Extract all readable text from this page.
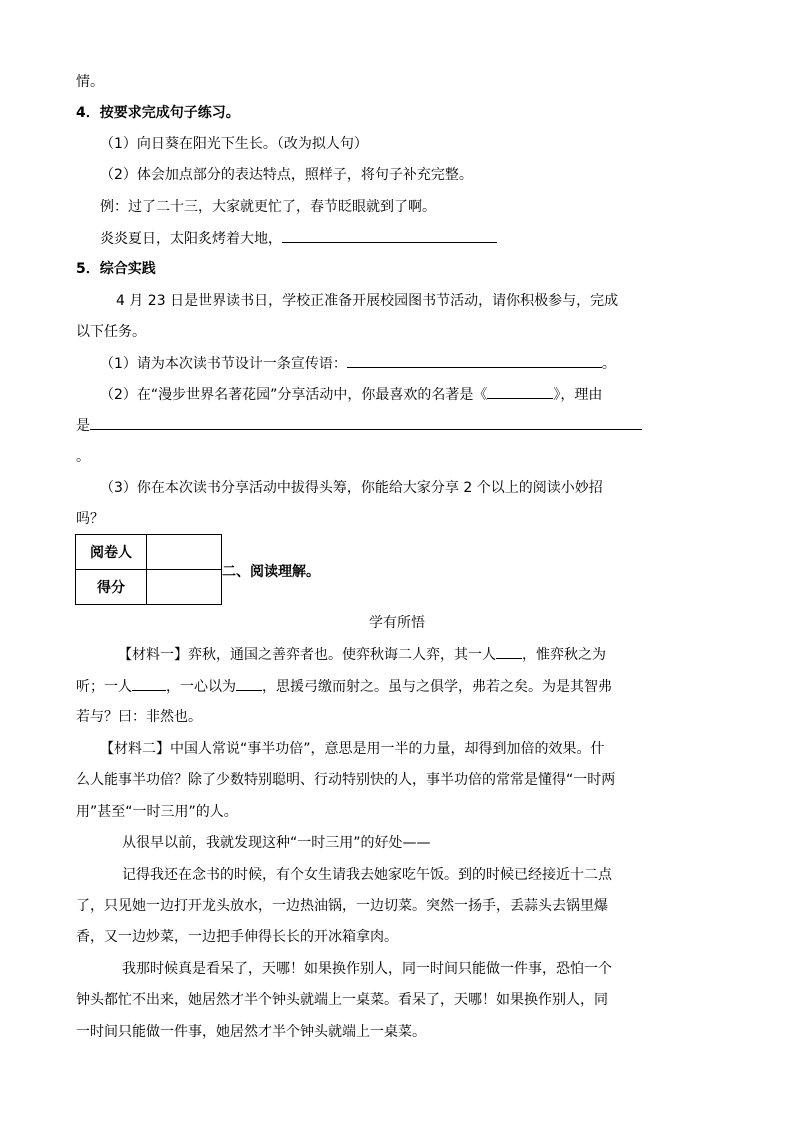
情。
4．按要求完成句子练习。
（1）向日葵在阳光下生长。（改为拟人句）
（2）体会加点部分的表达特点，照样子，将句子补充完整。
例：过了二十三，大家就更忙了，春节眨眼就到了啊。
炎炎夏日，太阳炙烤着大地，
5．综合实践
4 月 23 日是世界读书日，学校正准备开展校园图书节活动，请你积极参与，完成
以下任务。
（1）请为本次读书节设计一条宣传语：	。
（2）在“漫步世界名著花园”分享活动中，你最喜欢的名著是《	》，理由
是
。
（3）你在本次读书分享活动中拔得头筹，你能给大家分享 2 个以上的阅读小妙招
吗？
阅卷人	
得分	
二、阅读理解。
学有所悟
【材料一】弈秋，通国之善弈者也。使弈秋诲二人弈，其一人 ，惟弈秋之为
听；一人 ，一心以为 ，思援弓缴而射之。虽与之俱学，弗若之矣。为是其智弗
若与？曰：非然也。
【材料二】中国人常说“事半功倍”，意思是用一半的力量，却得到加倍的效果。什
么人能事半功倍？除了少数特别聪明、行动特别快的人，事半功倍的常常是懂得“一时两
用”甚至“一时三用”的人。
从很早以前，我就发现这种“一时三用”的好处——
记得我还在念书的时候，有个女生请我去她家吃午饭。到的时候已经接近十二点
了，只见她一边打开龙头放水，一边热油锅，一边切菜。突然一扬手，丢蒜头去锅里爆
香，又一边炒菜，一边把手伸得长长的开冰箱拿肉。
我那时候真是看呆了，天哪！如果换作别人，同一时间只能做一件事，恐怕一个
钟头都忙不出来，她居然才半个钟头就端上一桌菜。看呆了，天哪！如果换作别人，同
一时间只能做一件事，她居然才半个钟头就端上一桌菜。
